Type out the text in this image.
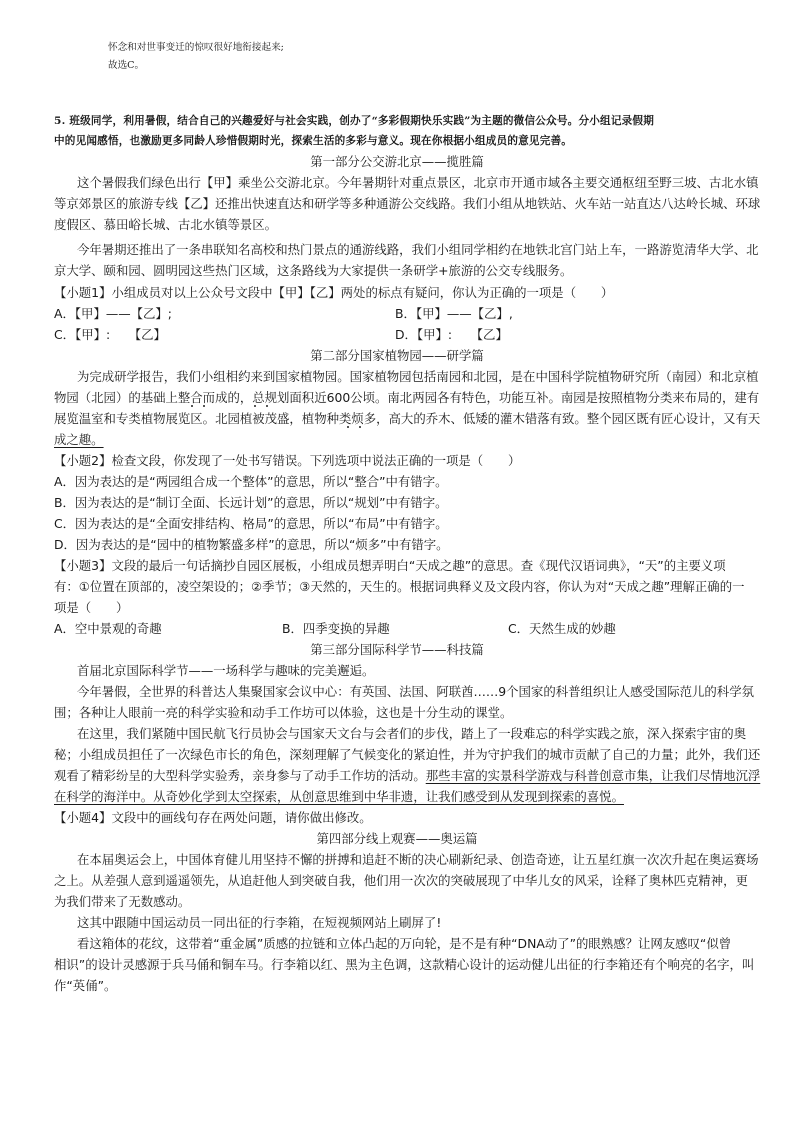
怀念和对世事变迁的惊叹很好地衔接起来;
故选C。
5. 班级同学，利用暑假，结合自己的兴趣爱好与社会实践，创办了“多彩假期快乐实践”为主题的微信公众号。分小组记录假期
中的见闻感悟，也激励更多同龄人珍惜假期时光，探索生活的多彩与意义。现在你根据小组成员的意见完善。
第一部分公交游北京——揽胜篇
这个暑假我们绿色出行【甲】乘坐公交游北京。今年暑期针对重点景区，北京市开通市域各主要交通枢纽至野三坡、古北水镇
等京郊景区的旅游专线【乙】还推出快速直达和研学等多种通游公交线路。我们小组从地铁站、火车站一站直达八达岭长城、环球
度假区、慕田峪长城、古北水镇等景区。
今年暑期还推出了一条串联知名高校和热门景点的通游线路，我们小组同学相约在地铁北宫门站上车，一路游览清华大学、北
京大学、颐和园、圆明园这些热门区域，这条路线为大家提供一条研学+旅游的公交专线服务。
【小题1】小组成员对以上公众号文段中【甲】【乙】两处的标点有疑问，你认为正确的一项是（　　）
A．【甲】——【乙】;	B．【甲】——【乙】,
C．【甲】:　　【乙】	D．【甲】:　　【乙】
第二部分国家植物园——研学篇
为完成研学报告，我们小组相约来到国家植物园。国家植物园包括南园和北园，是在中国科学院植物研究所（南园）和北京植
物园（北园）的基础上整合而成的，总规划面积近600公顷。南北两园各有特色，功能互补。南园是按照植物分类来布局的，建有
展览温室和专类植物展览区。北园植被茂盛，植物种类烦多，高大的乔木、低矮的灌木错落有致。整个园区既有匠心设计，又有天
成之趣。
【小题2】检查文段，你发现了一处书写错误。下列选项中说法正确的一项是（　　）
A．因为表达的是“两园组合成一个整体”的意思，所以“整合”中有错字。
B．因为表达的是“制订全面、长远计划”的意思，所以“规划”中有错字。
C．因为表达的是“全面安排结构、格局”的意思，所以“布局”中有错字。
D．因为表达的是“园中的植物繁盛多样”的意思，所以“烦多”中有错字。
【小题3】文段的最后一句话摘抄自园区展板，小组成员想弄明白“天成之趣”的意思。查《现代汉语词典》，“天”的主要义项
有：①位置在顶部的，凌空架设的；②季节；③天然的，天生的。根据词典释义及文段内容，你认为对“天成之趣”理解正确的一
项是（　　）
A．空中景观的奇趣	B．四季变换的异趣	C．天然生成的妙趣
第三部分国际科学节——科技篇
首届北京国际科学节——一场科学与趣味的完美邂逅。
今年暑假，全世界的科普达人集聚国家会议中心：有英国、法国、阿联酋……9个国家的科普组织让人感受国际范儿的科学氛
围；各种让人眼前一亮的科学实验和动手工作坊可以体验，这也是十分生动的课堂。
在这里，我们紧随中国民航飞行员协会与国家天文台与会者们的步伐，踏上了一段难忘的科学实践之旅，深入探索宇宙的奥
秘；小组成员担任了一次绿色市长的角色，深刻理解了气候变化的紧迫性，并为守护我们的城市贡献了自己的力量；此外，我们还
观看了精彩纷呈的大型科学实验秀，亲身参与了动手工作坊的活动。那些丰富的实景科学游戏与科普创意市集，让我们尽情地沉浮
在科学的海洋中。从奇妙化学到太空探索，从创意思维到中华非遗，让我们感受到从发现到探索的喜悦。
【小题4】文段中的画线句存在两处问题，请你做出修改。
第四部分线上观赛——奥运篇
在本届奥运会上，中国体育健儿用坚持不懈的拼搏和追赶不断的决心刷新纪录、创造奇迹，让五星红旗一次次升起在奥运赛场
之上。从差强人意到遥遥领先，从追赶他人到突破自我，他们用一次次的突破展现了中华儿女的风采，诠释了奥林匹克精神，更
为我们带来了无数感动。
这其中跟随中国运动员一同出征的行李箱，在短视频网站上刷屏了!
看这箱体的花纹，这带着“重金属”质感的拉链和立体凸起的万向轮，是不是有种“DNA动了”的眼熟感？让网友感叹“似曾
相识”的设计灵感源于兵马俑和铜车马。行李箱以红、黑为主色调，这款精心设计的运动健儿出征的行李箱还有个响亮的名字，叫
作“英俑”。
